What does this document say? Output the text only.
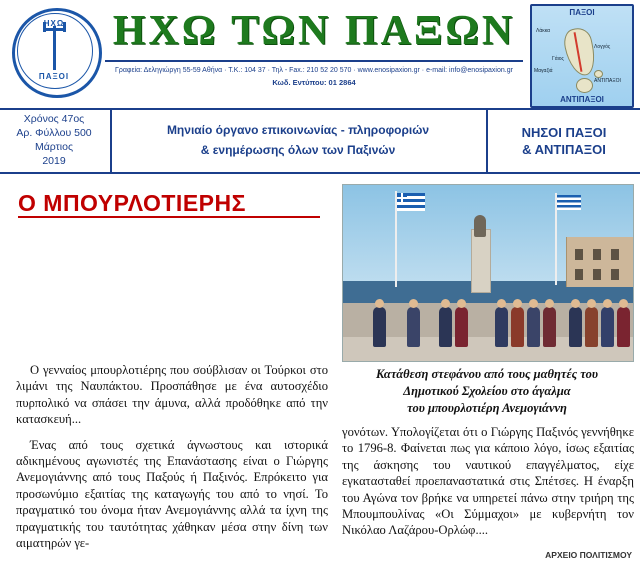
ΗΧΩ
ΠΑΞΟΙ
ΗΧΩ ΤΩΝ ΠΑΞΩΝ
Γραφεία: Δεληγιώργη 55-59 Αθήνα · Τ.Κ.: 104 37 · Τηλ - Fax.: 210 52 20 570 · www.enosipaxion.gr · e-mail: info@enosipaxion.gr
Κωδ. Εντύπου: 01 2864
ΠΑΞΟΙ
ΑΝΤΙΠΑΞΟΙ
Λάκκα
Λογγός
Γάιος
Μαγαζιά
ΑΝΤΙΠΑΞΟΙ
Χρόνος 47ος
Αρ. Φύλλου 500
Μάρτιος
2019
Μηνιαίο όργανο επικοινωνίας - πληροφοριών
& ενημέρωσης όλων των Παξινών
ΝΗΣΟΙ ΠΑΞΟΙ
& ΑΝΤΙΠΑΞΟΙ
Ο ΜΠΟΥΡΛΟΤΙΕΡΗΣ
Κατάθεση στεφάνου από τους μαθητές του
Δημοτικού Σχολείου στο άγαλμα
του μπουρλοτιέρη Ανεμογιάννη

Ο γενναίος μπουρλοτιέρης που σούβλισαν οι Τούρκοι στο λιμάνι της Ναυπάκτου. Προσπάθησε με ένα αυτοσχέδιο πυρπολικό να σπάσει την άμυνα, αλλά προδόθηκε από την κατασκευή...

Ένας από τους σχετικά άγνωστους και ιστορικά αδικημένους αγωνιστές της Επανάστασης είναι ο Γιώργης Ανεμογιάννης από τους Παξούς ή Παξινός. Επρόκειτο για προσωνύμιο εξαιτίας της καταγωγής του από το νησί. Το πραγματικό του όνομα ήταν Ανεμογιάννης αλλά τα ίχνη της πραγματικής του ταυτότητας χάθηκαν μέσα στην δίνη των αιματηρών γε-

γονότων. Υπολογίζεται ότι ο Γιώργης Παξινός γεννήθηκε το 1796-8. Φαίνεται πως για κάποιο λόγο, ίσως εξαιτίας της άσκησης του ναυτικού επαγγέλματος, είχε εγκατασταθεί προεπαναστατικά στις Σπέτσες. Η έναρξη του Αγώνα τον βρήκε να υπηρετεί πάνω στην τριήρη της Μπουμπουλίνας «Οι Σύμμαχοι» με κυβερνήτη τον Νικόλαο Λαζάρου-Ορλώφ....

ΑΡΧΕΙΟ ΠΟΛΙΤΙΣΜΟΥ
